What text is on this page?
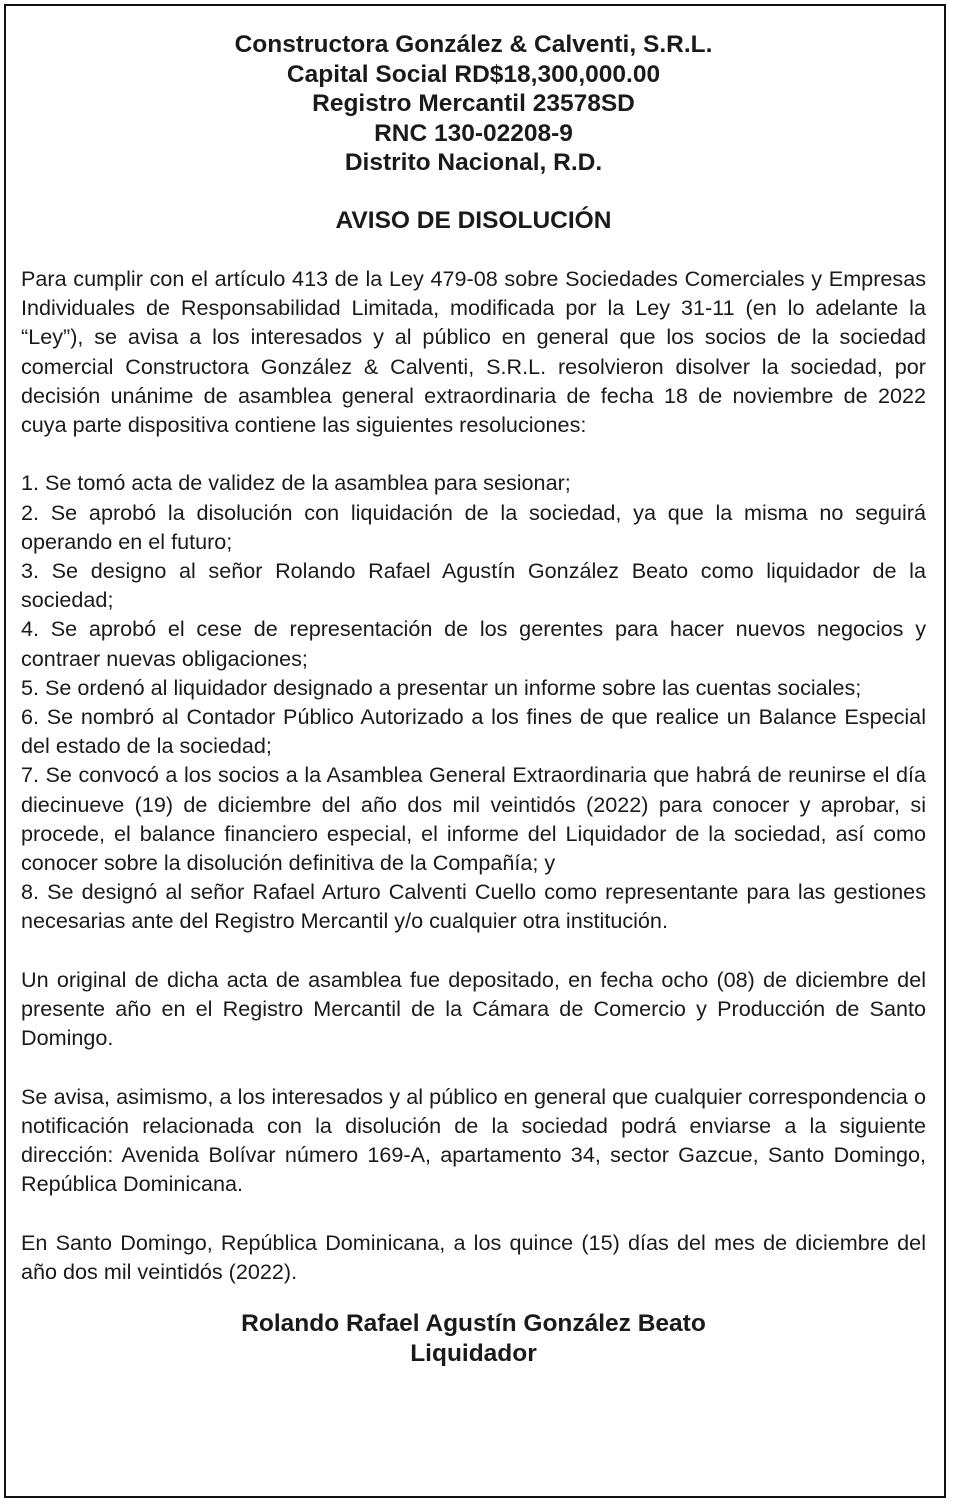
Constructora González & Calventi, S.R.L.
Capital Social RD$18,300,000.00
Registro Mercantil 23578SD
RNC 130-02208-9
Distrito Nacional, R.D.
AVISO DE DISOLUCIÓN

Para cumplir con el artículo 413 de la Ley 479-08 sobre Sociedades Comerciales y Empresas Individuales de Responsabilidad Limitada, modificada por la Ley 31-11 (en lo adelante la “Ley”), se avisa a los interesados y al público en general que los socios de la sociedad comercial Constructora González & Calventi, S.R.L. resolvieron disolver la sociedad, por decisión unánime de asamblea general extraordinaria de fecha 18 de noviembre de 2022 cuya parte dispositiva contiene las siguientes resoluciones:

1. Se tomó acta de validez de la asamblea para sesionar;

2. Se aprobó la disolución con liquidación de la sociedad, ya que la misma no seguirá operando en el futuro;

3. Se designo al señor Rolando Rafael Agustín González Beato como liquidador de la sociedad;

4. Se aprobó el cese de representación de los gerentes para hacer nuevos negocios y contraer nuevas obligaciones;

5. Se ordenó al liquidador designado a presentar un informe sobre las cuentas sociales;

6. Se nombró al Contador Público Autorizado a los fines de que realice un Balance Especial del estado de la sociedad;

7. Se convocó a los socios a la Asamblea General Extraordinaria que habrá de reunirse el día diecinueve (19) de diciembre del año dos mil veintidós (2022) para conocer y aprobar, si procede, el balance financiero especial, el informe del Liquidador de la sociedad, así como conocer sobre la disolución definitiva de la Compañía; y

8. Se designó al señor Rafael Arturo Calventi Cuello como representante para las gestiones necesarias ante del Registro Mercantil y/o cualquier otra institución.

Un original de dicha acta de asamblea fue depositado, en fecha ocho (08) de diciembre del presente año en el Registro Mercantil de la Cámara de Comercio y Producción de Santo Domingo.

Se avisa, asimismo, a los interesados y al público en general que cualquier correspondencia o notificación relacionada con la disolución de la sociedad podrá enviarse a la siguiente dirección: Avenida Bolívar número 169-A, apartamento 34, sector Gazcue, Santo Domingo, República Dominicana.

En Santo Domingo, República Dominicana, a los quince (15) días del mes de diciembre del año dos mil veintidós (2022).

Rolando Rafael Agustín González Beato
Liquidador
